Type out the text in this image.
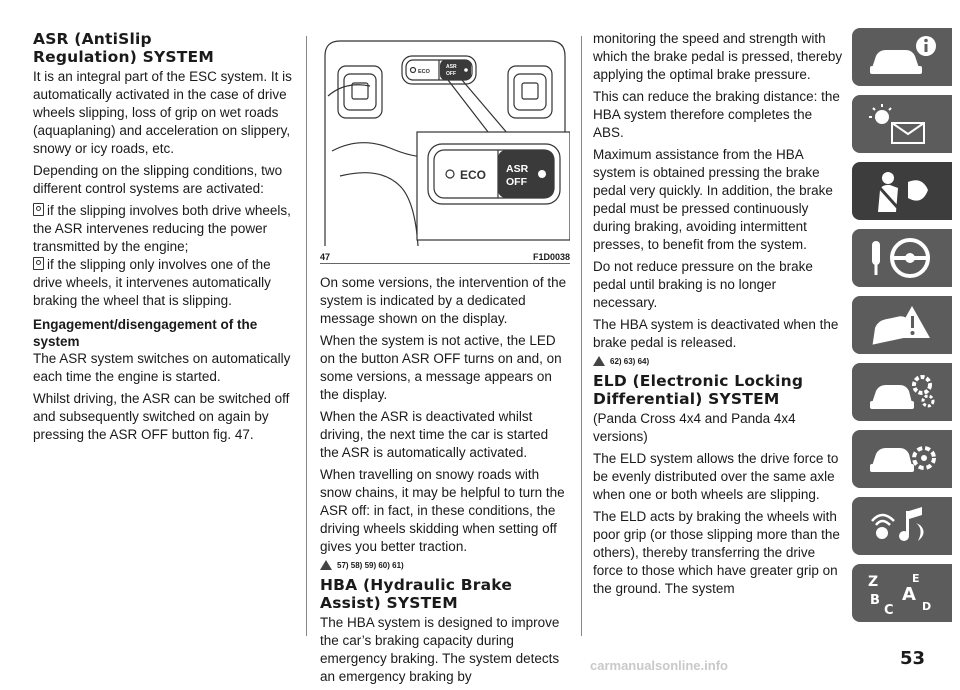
ASR (AntiSlip
Regulation) SYSTEM

It is an integral part of the ESC system. It is automatically activated in the case of drive wheels slipping, loss of grip on wet roads (aquaplaning) and acceleration on slippery, snowy or icy roads, etc.

Depending on the slipping conditions, two different control systems are activated:

if the slipping involves both drive wheels, the ASR intervenes reducing the power transmitted by the engine;

if the slipping only involves one of the drive wheels, it intervenes automatically braking the wheel that is slipping.

Engagement/disengagement of the system

The ASR system switches on automatically each time the engine is started.

Whilst driving, the ASR can be switched off and subsequently switched on again by pressing the ASR OFF button fig. 47.

ECO
ASR
OFF
ECO ASR
OFF
47	F1D0038

On some versions, the intervention of the system is indicated by a dedicated message shown on the display.

When the system is not active, the LED on the button ASR OFF turns on and, on some versions, a message appears on the display.

When the ASR is deactivated whilst driving, the next time the car is started the ASR is automatically activated.

When travelling on snowy roads with snow chains, it may be helpful to turn the ASR off: in fact, in these conditions, the driving wheels skidding when setting off gives you better traction.

57) 58) 59) 60) 61)
HBA (Hydraulic Brake
Assist) SYSTEM

The HBA system is designed to improve the car’s braking capacity during emergency braking. The system detects an emergency braking by

monitoring the speed and strength with which the brake pedal is pressed, thereby applying the optimal brake pressure.

This can reduce the braking distance: the HBA system therefore completes the ABS.

Maximum assistance from the HBA system is obtained pressing the brake pedal very quickly. In addition, the brake pedal must be pressed continuously during braking, avoiding intermittent presses, to benefit from the system.

Do not reduce pressure on the brake pedal until braking is no longer necessary.

The HBA system is deactivated when the brake pedal is released.

62) 63) 64)
ELD (Electronic Locking
Differential) SYSTEM

(Panda Cross 4x4 and Panda 4x4 versions)

The ELD system allows the drive force to be evenly distributed over the same axle when one or both wheels are slipping.

The ELD acts by braking the wheels with poor grip (or those slipping more than the others), thereby transferring the drive force to those which have greater grip on the ground. The system	Z	E
B A
C	D
53
carmanualsonline.info
